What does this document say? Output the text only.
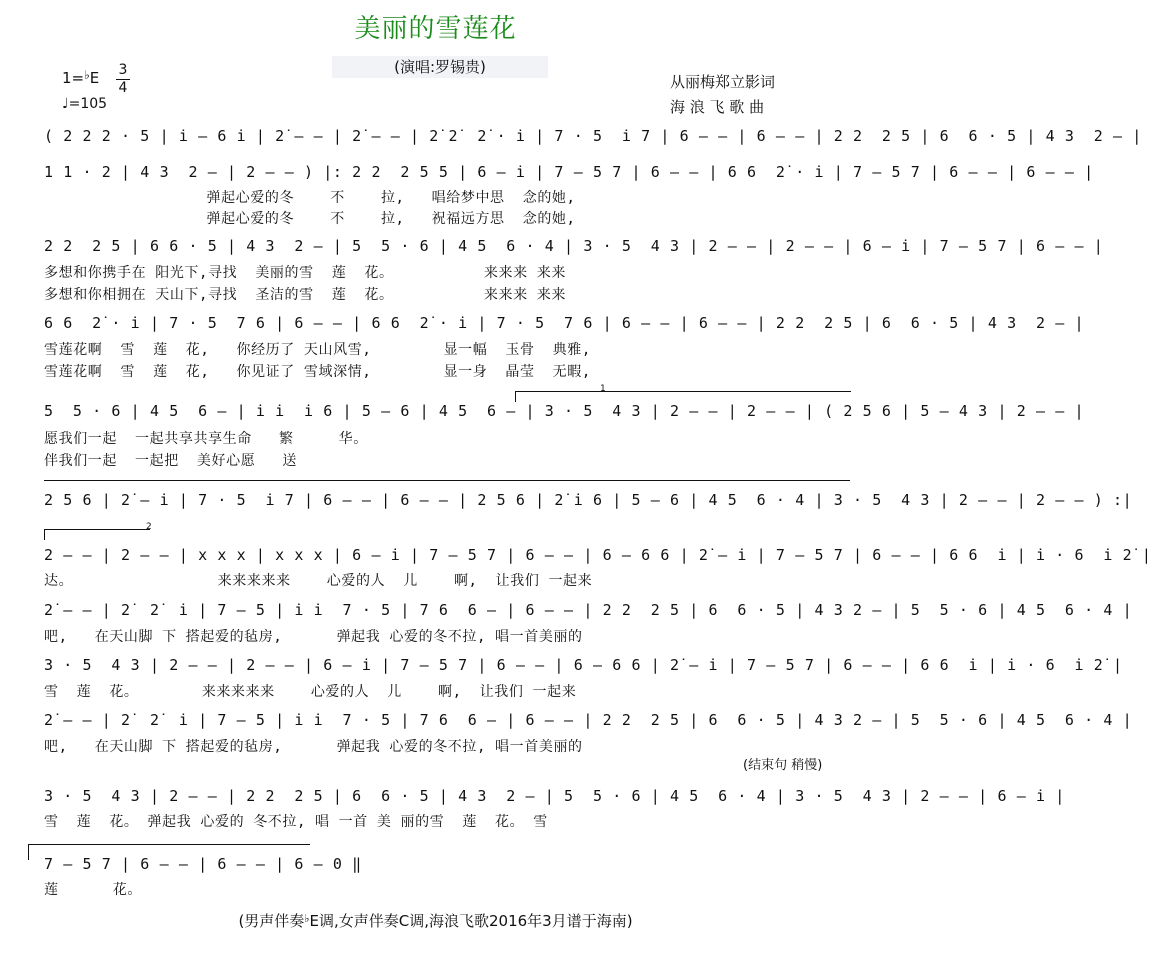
美丽的雪莲花
(演唱:罗锡贵)
1=♭E 3
4
♩=105
从丽梅郑立影词
海 浪 飞 歌 曲
( 2 2 2 · 5 | i̇ – 6 i̇ | 2̇ – – | 2̇ – – | 2̇ 2̇  2̇ · i̇ | 7 · 5  i̇ 7 | 6 – – | 6 – – | 2 2  2 5 | 6  6 · 5 | 4 3  2 – |
1 1 · 2 | 4 3  2 – | 2 – – ) |: 2 2  2 5 5 | 6 – i̇ | 7 – 5 7 | 6 – – | 6 6  2̇ · i̇ | 7 – 5 7 | 6 – – | 6 – – |
弹起心爱的冬    不    拉,   唱给梦中思  念的她,
弹起心爱的冬    不    拉,   祝福远方思  念的她,
2 2  2 5 | 6 6 · 5 | 4 3  2 – | 5  5 · 6 | 4 5  6 · 4 | 3 · 5  4 3 | 2 – – | 2 – – | 6 – i̇ | 7 – 5 7 | 6 – – |
多想和你携手在 阳光下,寻找  美丽的雪  莲  花。          来来来 来来
多想和你相拥在 天山下,寻找  圣洁的雪  莲  花。          来来来 来来
6 6  2̇ · i̇ | 7 · 5  7 6 | 6 – – | 6 6  2̇ · i̇ | 7 · 5  7 6 | 6 – – | 6 – – | 2 2  2 5 | 6  6 · 5 | 4 3  2 – |
雪莲花啊  雪  莲  花,   你经历了 天山风雪,        显一幅  玉骨  典雅,
雪莲花啊  雪  莲  花,   你见证了 雪域深情,        显一身  晶莹  无暇,
1
5  5 · 6 | 4 5  6 – | i̇ i̇  i̇ 6 | 5 – 6 | 4 5  6 – | 3 · 5  4 3 | 2 – – | 2 – – | ( 2 5 6 | 5 – 4 3 | 2 – – |
愿我们一起  一起共享共享生命   繁     华。
伴我们一起  一起把  美好心愿   送
2 5 6 | 2̇ – i̇ | 7 · 5  i̇ 7 | 6 – – | 6 – – | 2 5 6 | 2̇ i̇ 6 | 5 – 6 | 4 5  6 · 4 | 3 · 5  4 3 | 2 – – | 2 – – ) :|
2
2 – – | 2 – – | x x x | x x x | 6 – i̇ | 7 – 5 7 | 6 – – | 6 – 6 6 | 2̇ – i̇ | 7 – 5 7 | 6 – – | 6 6  i̇ | i̇ · 6  i̇ 2̇ |
达。                来来来来来    心爱的人  儿    啊,  让我们 一起来
2̇ – – | 2̇  2̇  i̇ | 7 – 5 | i̇ i̇  7 · 5 | 7 6  6 – | 6 – – | 2 2  2 5 | 6  6 · 5 | 4 3 2 – | 5  5 · 6 | 4 5  6 · 4 |
吧,   在天山脚 下 搭起爱的毡房,      弹起我 心爱的冬不拉, 唱一首美丽的
3 · 5  4 3 | 2 – – | 2 – – | 6 – i̇ | 7 – 5 7 | 6 – – | 6 – 6 6 | 2̇ – i̇ | 7 – 5 7 | 6 – – | 6 6  i̇ | i̇ · 6  i̇ 2̇ |
雪  莲  花。       来来来来来    心爱的人  儿    啊,  让我们 一起来
2̇ – – | 2̇  2̇  i̇ | 7 – 5 | i̇ i̇  7 · 5 | 7 6  6 – | 6 – – | 2 2  2 5 | 6  6 · 5 | 4 3 2 – | 5  5 · 6 | 4 5  6 · 4 |
吧,   在天山脚 下 搭起爱的毡房,      弹起我 心爱的冬不拉, 唱一首美丽的
(结束句 稍慢)
3 · 5  4 3 | 2 – – | 2 2  2 5 | 6  6 · 5 | 4 3  2 – | 5  5 · 6 | 4 5  6 · 4 | 3 · 5  4 3 | 2 – – | 6 – i̇ |
雪  莲  花。 弹起我 心爱的 冬不拉, 唱 一首 美 丽的雪  莲  花。 雪
7 – 5 7 | 6 – – | 6 – – | 6 – 0 ‖
莲      花。
(男声伴奏♭E调,女声伴奏C调,海浪飞歌2016年3月谱于海南)
